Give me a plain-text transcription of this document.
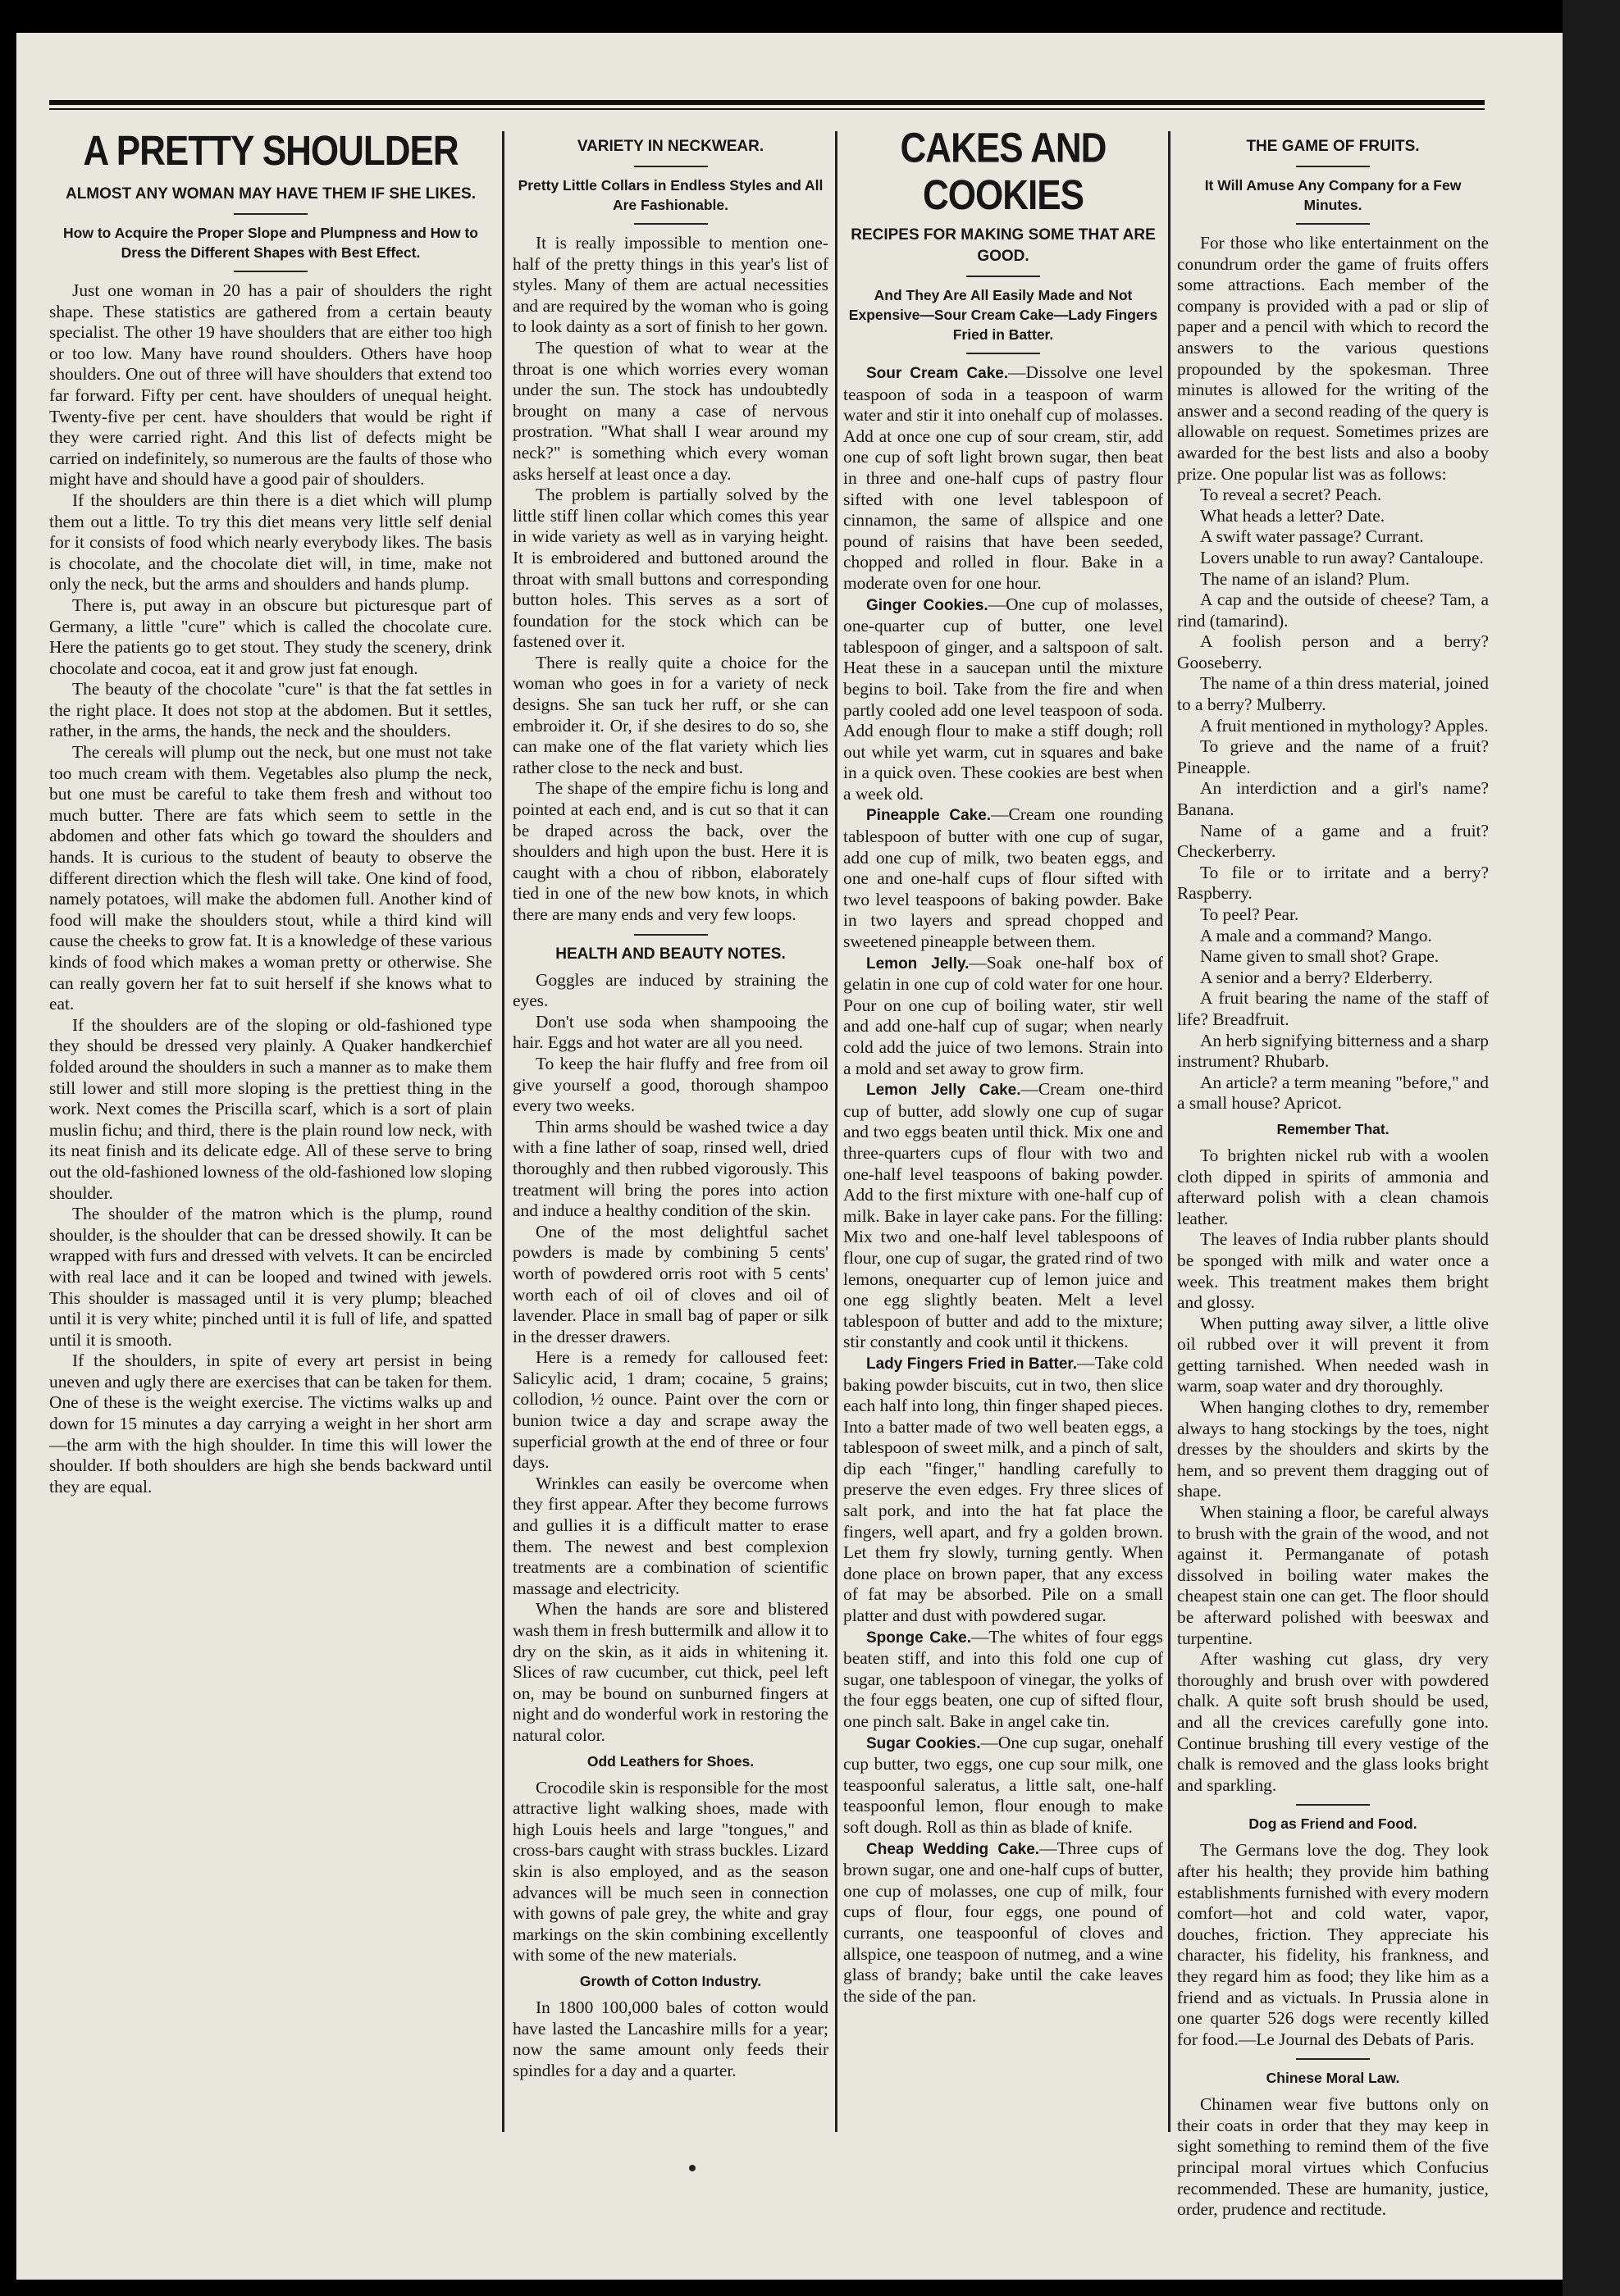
A PRETTY SHOULDER
ALMOST ANY WOMAN MAY HAVE THEM IF SHE LIKES.
How to Acquire the Proper Slope and Plumpness and How to Dress the Different Shapes with Best Effect.

Just one woman in 20 has a pair of shoulders the right shape. These statistics are gathered from a certain beauty specialist. The other 19 have shoulders that are either too high or too low. Many have round shoulders. Others have hoop shoulders. One out of three will have shoulders that extend too far forward. Fifty per cent. have shoulders of unequal height. Twenty-five per cent. have shoulders that would be right if they were carried right. And this list of defects might be carried on indefinitely, so numerous are the faults of those who might have and should have a good pair of shoulders.

If the shoulders are thin there is a diet which will plump them out a little. To try this diet means very little self denial for it consists of food which nearly everybody likes. The basis is chocolate, and the chocolate diet will, in time, make not only the neck, but the arms and shoulders and hands plump.

There is, put away in an obscure but picturesque part of Germany, a little "cure" which is called the chocolate cure. Here the patients go to get stout. They study the scenery, drink chocolate and cocoa, eat it and grow just fat enough.

The beauty of the chocolate "cure" is that the fat settles in the right place. It does not stop at the abdomen. But it settles, rather, in the arms, the hands, the neck and the shoulders.

The cereals will plump out the neck, but one must not take too much cream with them. Vegetables also plump the neck, but one must be careful to take them fresh and without too much butter. There are fats which seem to settle in the abdomen and other fats which go toward the shoulders and hands. It is curious to the student of beauty to observe the different direction which the flesh will take. One kind of food, namely potatoes, will make the abdomen full. Another kind of food will make the shoulders stout, while a third kind will cause the cheeks to grow fat. It is a knowledge of these various kinds of food which makes a woman pretty or otherwise. She can really govern her fat to suit herself if she knows what to eat.

If the shoulders are of the sloping or old-fashioned type they should be dressed very plainly. A Quaker handkerchief folded around the shoulders in such a manner as to make them still lower and still more sloping is the prettiest thing in the work. Next comes the Priscilla scarf, which is a sort of plain muslin fichu; and third, there is the plain round low neck, with its neat finish and its delicate edge. All of these serve to bring out the old-fashioned lowness of the old-fashioned low sloping shoulder.

The shoulder of the matron which is the plump, round shoulder, is the shoulder that can be dressed showily. It can be wrapped with furs and dressed with velvets. It can be encircled with real lace and it can be looped and twined with jewels. This shoulder is massaged until it is very plump; bleached until it is very white; pinched until it is full of life, and spatted until it is smooth.

If the shoulders, in spite of every art persist in being uneven and ugly there are exercises that can be taken for them. One of these is the weight exercise. The victims walks up and down for 15 minutes a day carrying a weight in her short arm—the arm with the high shoulder. In time this will lower the shoulder. If both shoulders are high she bends backward until they are equal.

VARIETY IN NECKWEAR.
Pretty Little Collars in Endless Styles and All Are Fashionable.

It is really impossible to mention one-half of the pretty things in this year's list of styles. Many of them are actual necessities and are required by the woman who is going to look dainty as a sort of finish to her gown.

The question of what to wear at the throat is one which worries every woman under the sun. The stock has undoubtedly brought on many a case of nervous prostration. "What shall I wear around my neck?" is something which every woman asks herself at least once a day.

The problem is partially solved by the little stiff linen collar which comes this year in wide variety as well as in varying height. It is embroidered and buttoned around the throat with small buttons and corresponding button holes. This serves as a sort of foundation for the stock which can be fastened over it.

There is really quite a choice for the woman who goes in for a variety of neck designs. She san tuck her ruff, or she can embroider it. Or, if she desires to do so, she can make one of the flat variety which lies rather close to the neck and bust.

The shape of the empire fichu is long and pointed at each end, and is cut so that it can be draped across the back, over the shoulders and high upon the bust. Here it is caught with a chou of ribbon, elaborately tied in one of the new bow knots, in which there are many ends and very few loops.

HEALTH AND BEAUTY NOTES.

Goggles are induced by straining the eyes.

Don't use soda when shampooing the hair. Eggs and hot water are all you need.

To keep the hair fluffy and free from oil give yourself a good, thorough shampoo every two weeks.

Thin arms should be washed twice a day with a fine lather of soap, rinsed well, dried thoroughly and then rubbed vigorously. This treatment will bring the pores into action and induce a healthy condition of the skin.

One of the most delightful sachet powders is made by combining 5 cents' worth of powdered orris root with 5 cents' worth each of oil of cloves and oil of lavender. Place in small bag of paper or silk in the dresser drawers.

Here is a remedy for calloused feet: Salicylic acid, 1 dram; cocaine, 5 grains; collodion, ½ ounce. Paint over the corn or bunion twice a day and scrape away the superficial growth at the end of three or four days.

Wrinkles can easily be overcome when they first appear. After they become furrows and gullies it is a difficult matter to erase them. The newest and best complexion treatments are a combination of scientific massage and electricity.

When the hands are sore and blistered wash them in fresh buttermilk and allow it to dry on the skin, as it aids in whitening it. Slices of raw cucumber, cut thick, peel left on, may be bound on sunburned fingers at night and do wonderful work in restoring the natural color.

Odd Leathers for Shoes.

Crocodile skin is responsible for the most attractive light walking shoes, made with high Louis heels and large "tongues," and cross-bars caught with strass buckles. Lizard skin is also employed, and as the season advances will be much seen in connection with gowns of pale grey, the white and gray markings on the skin combining excellently with some of the new materials.

Growth of Cotton Industry.

In 1800 100,000 bales of cotton would have lasted the Lancashire mills for a year; now the same amount only feeds their spindles for a day and a quarter.

CAKES AND COOKIES
RECIPES FOR MAKING SOME THAT ARE GOOD.
And They Are All Easily Made and Not Expensive—Sour Cream Cake—Lady Fingers Fried in Batter.

Sour Cream Cake.—Dissolve one level teaspoon of soda in a teaspoon of warm water and stir it into onehalf cup of molasses. Add at once one cup of sour cream, stir, add one cup of soft light brown sugar, then beat in three and one-half cups of pastry flour sifted with one level tablespoon of cinnamon, the same of allspice and one pound of raisins that have been seeded, chopped and rolled in flour. Bake in a moderate oven for one hour.

Ginger Cookies.—One cup of molasses, one-quarter cup of butter, one level tablespoon of ginger, and a saltspoon of salt. Heat these in a saucepan until the mixture begins to boil. Take from the fire and when partly cooled add one level teaspoon of soda. Add enough flour to make a stiff dough; roll out while yet warm, cut in squares and bake in a quick oven. These cookies are best when a week old.

Pineapple Cake.—Cream one rounding tablespoon of butter with one cup of sugar, add one cup of milk, two beaten eggs, and one and one-half cups of flour sifted with two level teaspoons of baking powder. Bake in two layers and spread chopped and sweetened pineapple between them.

Lemon Jelly.—Soak one-half box of gelatin in one cup of cold water for one hour. Pour on one cup of boiling water, stir well and add one-half cup of sugar; when nearly cold add the juice of two lemons. Strain into a mold and set away to grow firm.

Lemon Jelly Cake.—Cream one-third cup of butter, add slowly one cup of sugar and two eggs beaten until thick. Mix one and three-quarters cups of flour with two and one-half level teaspoons of baking powder. Add to the first mixture with one-half cup of milk. Bake in layer cake pans. For the filling: Mix two and one-half level tablespoons of flour, one cup of sugar, the grated rind of two lemons, onequarter cup of lemon juice and one egg slightly beaten. Melt a level tablespoon of butter and add to the mixture; stir constantly and cook until it thickens.

Lady Fingers Fried in Batter.—Take cold baking powder biscuits, cut in two, then slice each half into long, thin finger shaped pieces. Into a batter made of two well beaten eggs, a tablespoon of sweet milk, and a pinch of salt, dip each "finger," handling carefully to preserve the even edges. Fry three slices of salt pork, and into the hat fat place the fingers, well apart, and fry a golden brown. Let them fry slowly, turning gently. When done place on brown paper, that any excess of fat may be absorbed. Pile on a small platter and dust with powdered sugar.

Sponge Cake.—The whites of four eggs beaten stiff, and into this fold one cup of sugar, one tablespoon of vinegar, the yolks of the four eggs beaten, one cup of sifted flour, one pinch salt. Bake in angel cake tin.

Sugar Cookies.—One cup sugar, onehalf cup butter, two eggs, one cup sour milk, one teaspoonful saleratus, a little salt, one-half teaspoonful lemon, flour enough to make soft dough. Roll as thin as blade of knife.

Cheap Wedding Cake.—Three cups of brown sugar, one and one-half cups of butter, one cup of molasses, one cup of milk, four cups of flour, four eggs, one pound of currants, one teaspoonful of cloves and allspice, one teaspoon of nutmeg, and a wine glass of brandy; bake until the cake leaves the side of the pan.

THE GAME OF FRUITS.
It Will Amuse Any Company for a Few Minutes.

For those who like entertainment on the conundrum order the game of fruits offers some attractions. Each member of the company is provided with a pad or slip of paper and a pencil with which to record the answers to the various questions propounded by the spokesman. Three minutes is allowed for the writing of the answer and a second reading of the query is allowable on request. Sometimes prizes are awarded for the best lists and also a booby prize. One popular list was as follows:

To reveal a secret? Peach.

What heads a letter? Date.

A swift water passage? Currant.

Lovers unable to run away? Cantaloupe.

The name of an island? Plum.

A cap and the outside of cheese? Tam, a rind (tamarind).

A foolish person and a berry? Gooseberry.

The name of a thin dress material, joined to a berry? Mulberry.

A fruit mentioned in mythology? Apples.

To grieve and the name of a fruit? Pineapple.

An interdiction and a girl's name? Banana.

Name of a game and a fruit? Checkerberry.

To file or to irritate and a berry? Raspberry.

To peel? Pear.

A male and a command? Mango.

Name given to small shot? Grape.

A senior and a berry? Elderberry.

A fruit bearing the name of the staff of life? Breadfruit.

An herb signifying bitterness and a sharp instrument? Rhubarb.

An article? a term meaning "before," and a small house? Apricot.

Remember That.

To brighten nickel rub with a woolen cloth dipped in spirits of ammonia and afterward polish with a clean chamois leather.

The leaves of India rubber plants should be sponged with milk and water once a week. This treatment makes them bright and glossy.

When putting away silver, a little olive oil rubbed over it will prevent it from getting tarnished. When needed wash in warm, soap water and dry thoroughly.

When hanging clothes to dry, remember always to hang stockings by the toes, night dresses by the shoulders and skirts by the hem, and so prevent them dragging out of shape.

When staining a floor, be careful always to brush with the grain of the wood, and not against it. Permanganate of potash dissolved in boiling water makes the cheapest stain one can get. The floor should be afterward polished with beeswax and turpentine.

After washing cut glass, dry very thoroughly and brush over with powdered chalk. A quite soft brush should be used, and all the crevices carefully gone into. Continue brushing till every vestige of the chalk is removed and the glass looks bright and sparkling.

Dog as Friend and Food.

The Germans love the dog. They look after his health; they provide him bathing establishments furnished with every modern comfort—hot and cold water, vapor, douches, friction. They appreciate his character, his fidelity, his frankness, and they regard him as food; they like him as a friend and as victuals. In Prussia alone in one quarter 526 dogs were recently killed for food.—Le Journal des Debats of Paris.

Chinese Moral Law.

Chinamen wear five buttons only on their coats in order that they may keep in sight something to remind them of the five principal moral virtues which Confucius recommended. These are humanity, justice, order, prudence and rectitude.
